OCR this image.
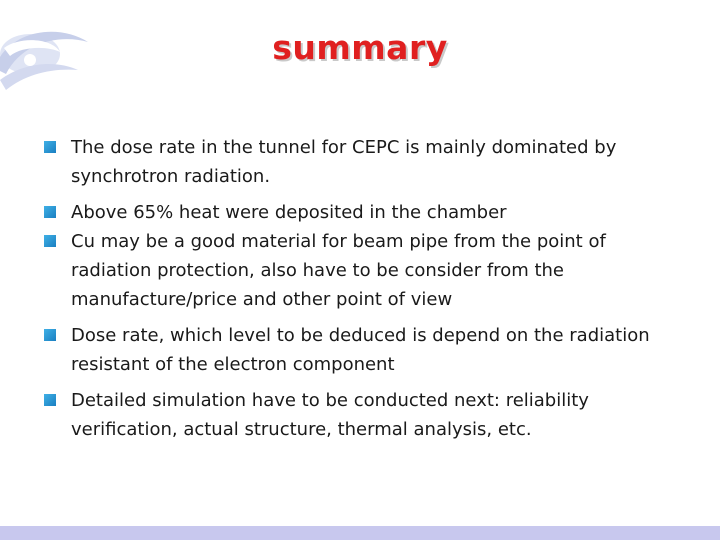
summary
The dose rate in the tunnel for CEPC is mainly dominated by synchrotron radiation.
Above 65% heat were deposited in the chamber
Cu may be a good material for beam pipe from the point of radiation protection, also have to be consider from the manufacture/price and other point of view
Dose rate, which level to be deduced is depend on the radiation resistant of the electron component
Detailed simulation have to be conducted next: reliability verification, actual structure, thermal analysis, etc.
